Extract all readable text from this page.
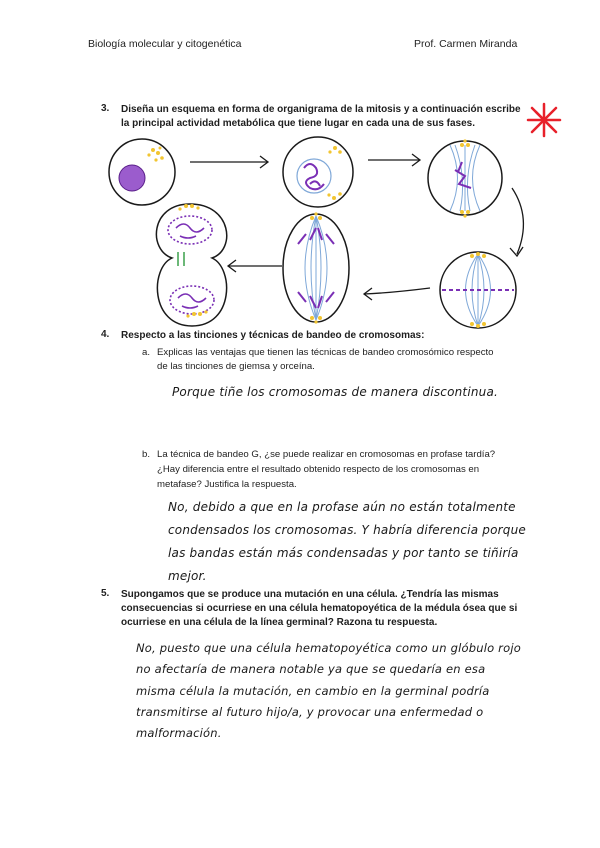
Biología molecular y citogenética	Prof. Carmen Miranda
3. Diseña un esquema en forma de organigrama de la mitosis y a continuación escribe
la principal actividad metabólica que tiene lugar en cada una de sus fases.
4. Respecto a las tinciones y técnicas de bandeo de cromosomas:
a. Explicas las ventajas que tienen las técnicas de bandeo cromosómico respecto
de las tinciones de giemsa y orceína.
Porque tiñe los cromosomas de manera discontinua.
b. La técnica de bandeo G, ¿se puede realizar en cromosomas en profase tardía?
¿Hay diferencia entre el resultado obtenido respecto de los cromosomas en
metafase? Justifica la respuesta.
No, debido a que en la profase aún no están totalmente
condensados los cromosomas. Y habría diferencia porque
las bandas están más condensadas y por tanto se tiñiría
mejor.
5. Supongamos que se produce una mutación en una célula. ¿Tendría las mismas
consecuencias si ocurriese en una célula hematopoyética de la médula ósea que si
ocurriese en una célula de la línea germinal? Razona tu respuesta.
No, puesto que una célula hematopoyética como un glóbulo rojo
no afectaría de manera notable ya que se quedaría en esa
misma célula la mutación, en cambio en la germinal podría
transmitirse al futuro hijo/a, y provocar una enfermedad o
malformación.
